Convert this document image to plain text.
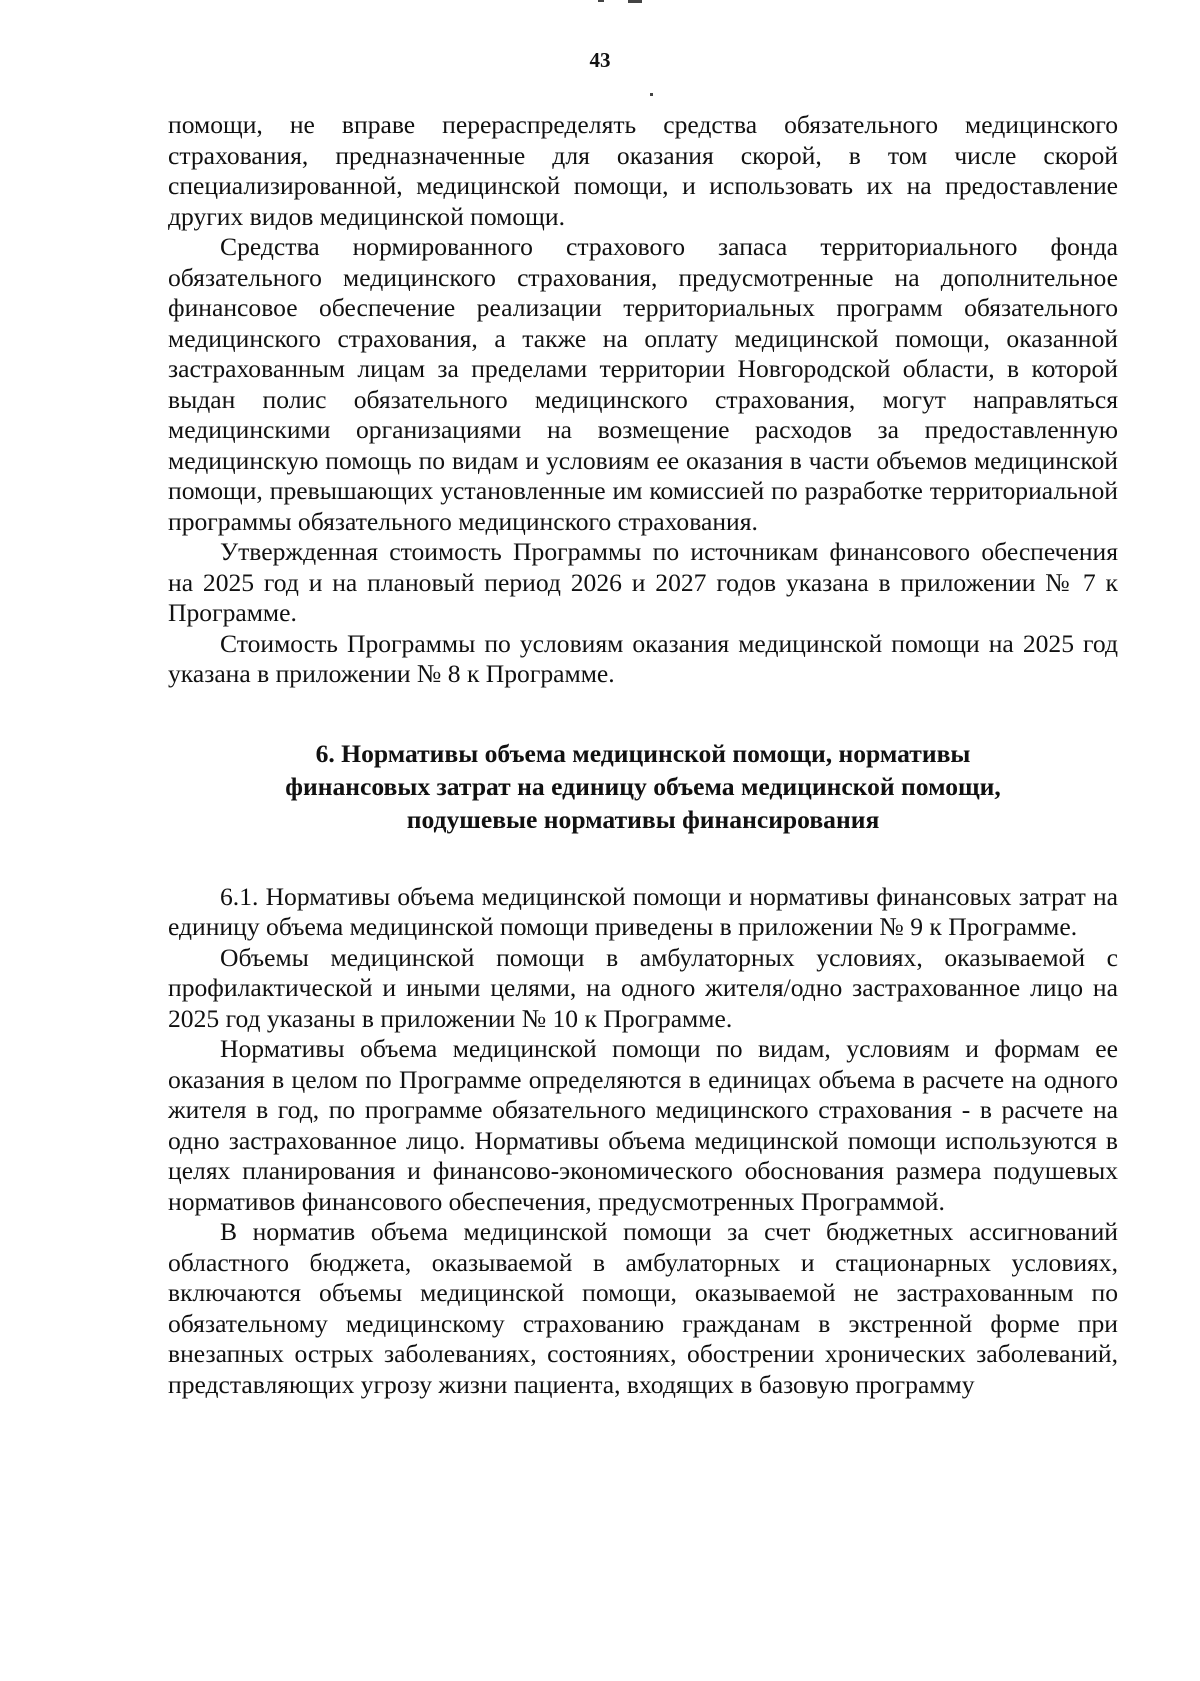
43

помощи, не вправе перераспределять средства обязательного медицинского страхования, предназначенные для оказания скорой, в том числе скорой специализированной, медицинской помощи, и использовать их на предоставление других видов медицинской помощи.

Средства нормированного страхового запаса территориального фонда обязательного медицинского страхования, предусмотренные на дополнительное финансовое обеспечение реализации территориальных программ обязательного медицинского страхования, а также на оплату медицинской помощи, оказанной застрахованным лицам за пределами территории Новгородской области, в которой выдан полис обязательного медицинского страхования, могут направляться медицинскими организациями на возмещение расходов за предоставленную медицинскую помощь по видам и условиям ее оказания в части объемов медицинской помощи, превышающих установленные им комиссией по разработке территориальной программы обязательного медицинского страхования.

Утвержденная стоимость Программы по источникам финансового обеспечения на 2025 год и на плановый период 2026 и 2027 годов указана в приложении № 7 к Программе.

Стоимость Программы по условиям оказания медицинской помощи на 2025 год указана в приложении № 8 к Программе.

6. Нормативы объема медицинской помощи, нормативы
финансовых затрат на единицу объема медицинской помощи,
подушевые нормативы финансирования

6.1. Нормативы объема медицинской помощи и нормативы финансовых затрат на единицу объема медицинской помощи приведены в приложении № 9 к Программе.

Объемы медицинской помощи в амбулаторных условиях, оказываемой с профилактической и иными целями, на одного жителя/одно застрахованное лицо на 2025 год указаны в приложении № 10 к Программе.

Нормативы объема медицинской помощи по видам, условиям и формам ее оказания в целом по Программе определяются в единицах объема в расчете на одного жителя в год, по программе обязательного медицинского страхования - в расчете на одно застрахованное лицо. Нормативы объема медицинской помощи используются в целях планирования и финансово-экономического обоснования размера подушевых нормативов финансового обеспечения, предусмотренных Программой.

В норматив объема медицинской помощи за счет бюджетных ассигнований областного бюджета, оказываемой в амбулаторных и стационарных условиях, включаются объемы медицинской помощи, оказываемой не застрахованным по обязательному медицинскому страхованию гражданам в экстренной форме при внезапных острых заболеваниях, состояниях, обострении хронических заболеваний, представляющих угрозу жизни пациента, входящих в базовую программу
